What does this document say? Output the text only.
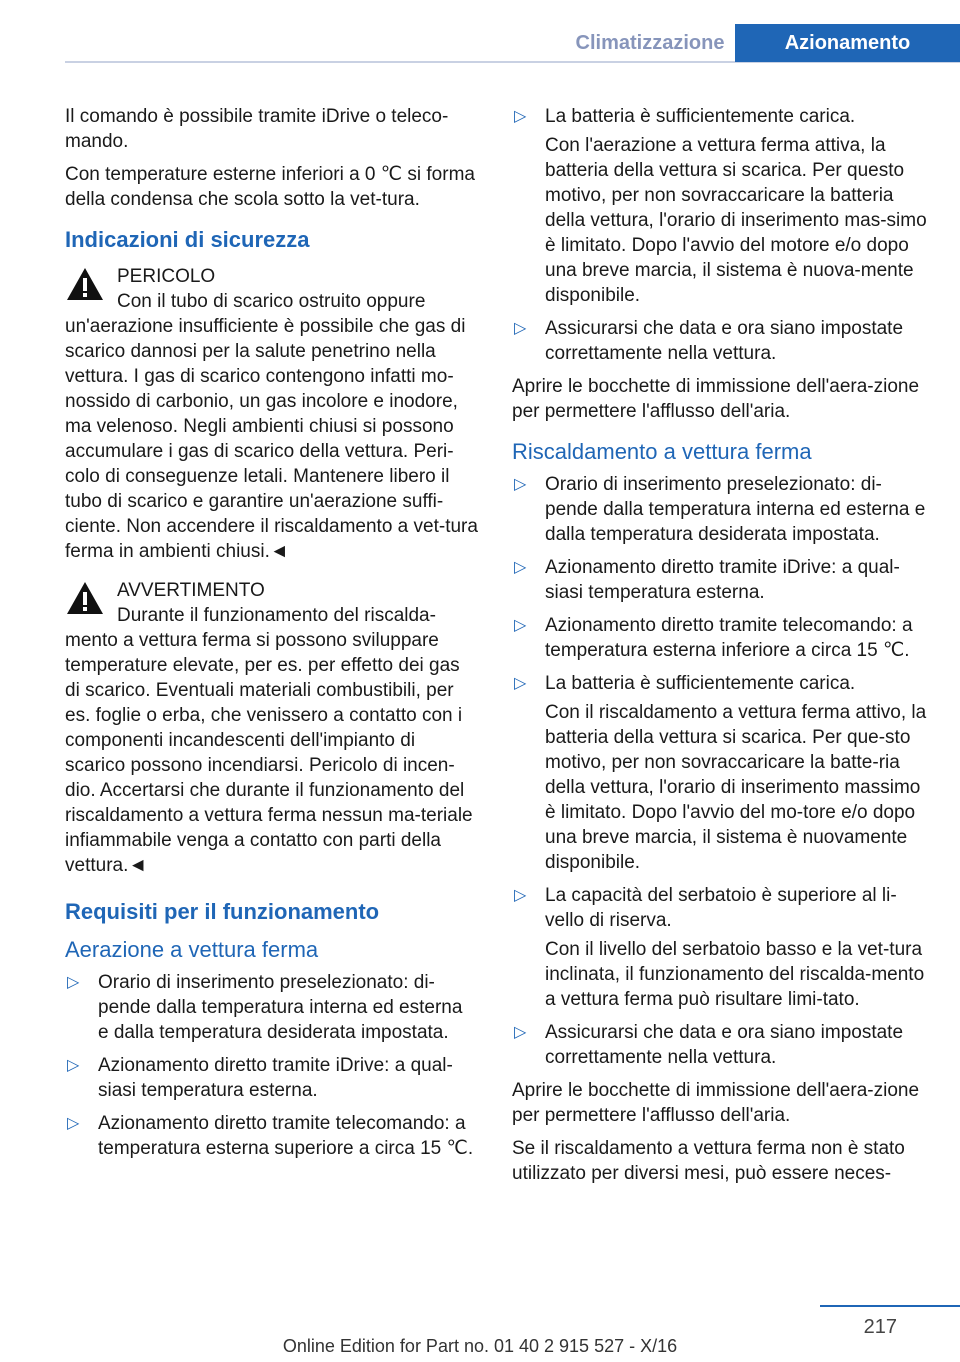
Climatizzazione	Azionamento

Il comando è possibile tramite iDrive o teleco-mando.

Con temperature esterne inferiori a 0 ℃ si forma della condensa che scola sotto la vet-tura.

Indicazioni di sicurezza
PERICOLO

Con il tubo di scarico ostruito oppure un'aerazione insufficiente è possibile che gas di scarico dannosi per la salute penetrino nella vettura. I gas di scarico contengono infatti mo-nossido di carbonio, un gas incolore e inodore, ma velenoso. Negli ambienti chiusi si possono accumulare i gas di scarico della vettura. Peri-colo di conseguenze letali. Mantenere libero il tubo di scarico e garantire un'aerazione suffi-ciente. Non accendere il riscaldamento a vet-tura ferma in ambienti chiusi.◄

AVVERTIMENTO

Durante il funzionamento del riscalda-mento a vettura ferma si possono sviluppare temperature elevate, per es. per effetto dei gas di scarico. Eventuali materiali combustibili, per es. foglie o erba, che venissero a contatto con i componenti incandescenti dell'impianto di scarico possono incendiarsi. Pericolo di incen-dio. Accertarsi che durante il funzionamento del riscaldamento a vettura ferma nessun ma-teriale infiammabile venga a contatto con parti della vettura.◄

Requisiti per il funzionamento
Aerazione a vettura ferma
▷ Orario di inserimento preselezionato: di-pende dalla temperatura interna ed esterna e dalla temperatura desiderata impostata.
▷ Azionamento diretto tramite iDrive: a qual-siasi temperatura esterna.
▷ Azionamento diretto tramite telecomando: a temperatura esterna superiore a circa 15 ℃.
▷ La batteria è sufficientemente carica.

Con l'aerazione a vettura ferma attiva, la batteria della vettura si scarica. Per questo motivo, per non sovraccaricare la batteria della vettura, l'orario di inserimento mas-simo è limitato. Dopo l'avvio del motore e/o dopo una breve marcia, il sistema è nuova-mente disponibile.

▷ Assicurarsi che data e ora siano impostate correttamente nella vettura.

Aprire le bocchette di immissione dell'aera-zione per permettere l'afflusso dell'aria.

Riscaldamento a vettura ferma
▷ Orario di inserimento preselezionato: di-pende dalla temperatura interna ed esterna e dalla temperatura desiderata impostata.
▷ Azionamento diretto tramite iDrive: a qual-siasi temperatura esterna.
▷ Azionamento diretto tramite telecomando: a temperatura esterna inferiore a circa 15 ℃.
▷ La batteria è sufficientemente carica.

Con il riscaldamento a vettura ferma attivo, la batteria della vettura si scarica. Per que-sto motivo, per non sovraccaricare la batte-ria della vettura, l'orario di inserimento massimo è limitato. Dopo l'avvio del mo-tore e/o dopo una breve marcia, il sistema è nuovamente disponibile.

▷ La capacità del serbatoio è superiore al li-vello di riserva.

Con il livello del serbatoio basso e la vet-tura inclinata, il funzionamento del riscalda-mento a vettura ferma può risultare limi-tato.

▷ Assicurarsi che data e ora siano impostate correttamente nella vettura.

Aprire le bocchette di immissione dell'aera-zione per permettere l'afflusso dell'aria.

Se il riscaldamento a vettura ferma non è stato utilizzato per diversi mesi, può essere neces-

217
Online Edition for Part no. 01 40 2 915 527 - X/16
